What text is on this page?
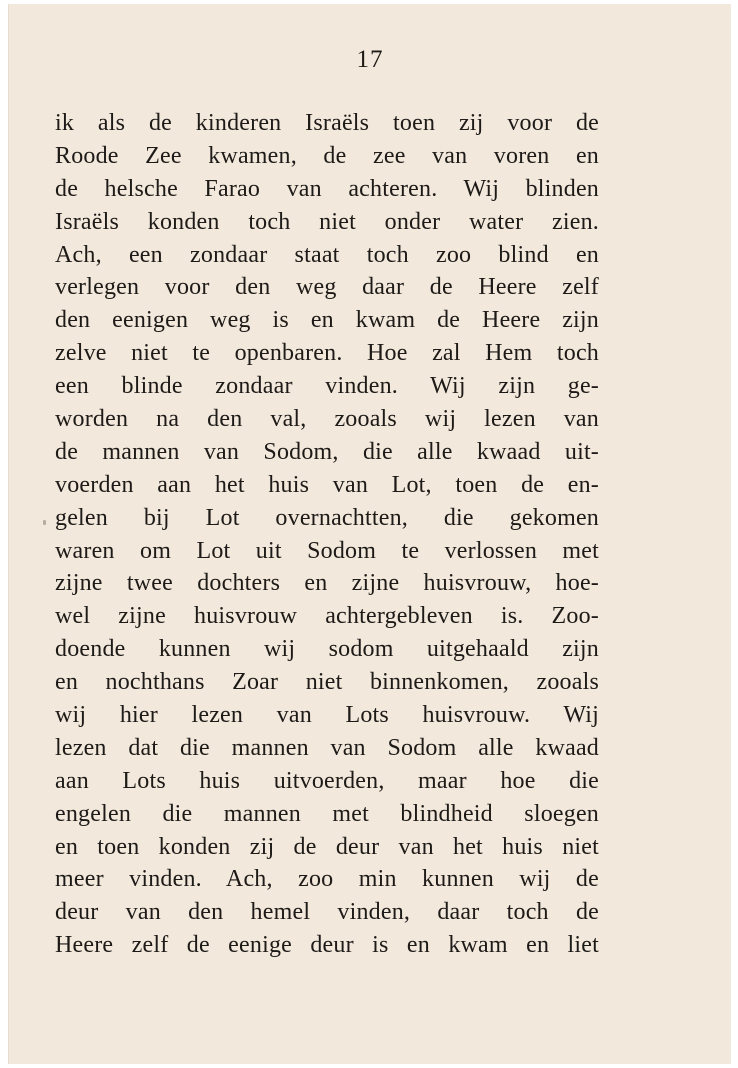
17
ik als de kinderen Israëls toen zij voor de
Roode Zee kwamen, de zee van voren en
de helsche Farao van achteren. Wij blinden
Israëls konden toch niet onder water zien.
Ach, een zondaar staat toch zoo blind en
verlegen voor den weg daar de Heere zelf
den eenigen weg is en kwam de Heere zijn
zelve niet te openbaren. Hoe zal Hem toch
een blinde zondaar vinden. Wij zijn ge-
worden na den val, zooals wij lezen van
de mannen van Sodom, die alle kwaad uit-
voerden aan het huis van Lot, toen de en-
gelen bij Lot overnachtten, die gekomen
waren om Lot uit Sodom te verlossen met
zijne twee dochters en zijne huisvrouw, hoe-
wel zijne huisvrouw achtergebleven is. Zoo-
doende kunnen wij sodom uitgehaald zijn
en nochthans Zoar niet binnenkomen, zooals
wij hier lezen van Lots huisvrouw. Wij
lezen dat die mannen van Sodom alle kwaad
aan Lots huis uitvoerden, maar hoe die
engelen die mannen met blindheid sloegen
en toen konden zij de deur van het huis niet
meer vinden. Ach, zoo min kunnen wij de
deur van den hemel vinden, daar toch de
Heere zelf de eenige deur is en kwam en liet
